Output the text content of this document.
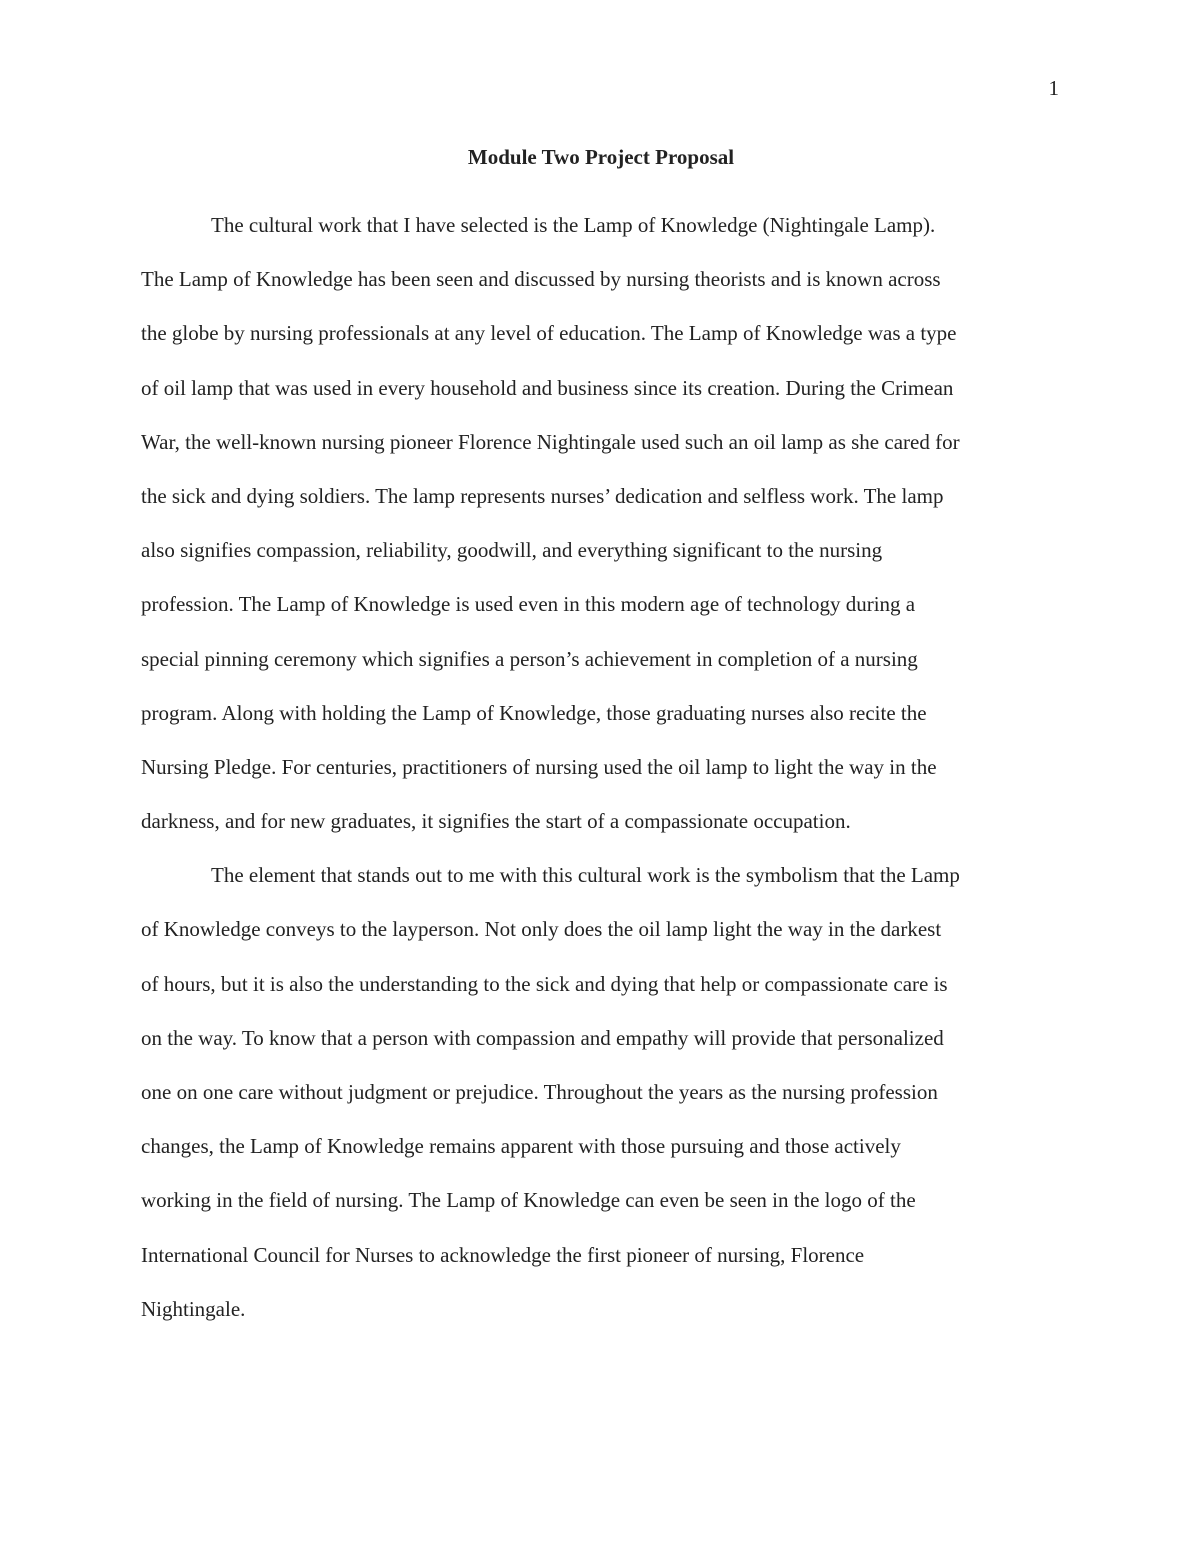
1
Module Two Project Proposal

The cultural work that I have selected is the Lamp of Knowledge (Nightingale Lamp).
The Lamp of Knowledge has been seen and discussed by nursing theorists and is known across
the globe by nursing professionals at any level of education. The Lamp of Knowledge was a type
of oil lamp that was used in every household and business since its creation. During the Crimean
War, the well-known nursing pioneer Florence Nightingale used such an oil lamp as she cared for
the sick and dying soldiers. The lamp represents nurses’ dedication and selfless work. The lamp
also signifies compassion, reliability, goodwill, and everything significant to the nursing
profession. The Lamp of Knowledge is used even in this modern age of technology during a
special pinning ceremony which signifies a person’s achievement in completion of a nursing
program. Along with holding the Lamp of Knowledge, those graduating nurses also recite the
Nursing Pledge. For centuries, practitioners of nursing used the oil lamp to light the way in the
darkness, and for new graduates, it signifies the start of a compassionate occupation.

The element that stands out to me with this cultural work is the symbolism that the Lamp
of Knowledge conveys to the layperson. Not only does the oil lamp light the way in the darkest
of hours, but it is also the understanding to the sick and dying that help or compassionate care is
on the way. To know that a person with compassion and empathy will provide that personalized
one on one care without judgment or prejudice. Throughout the years as the nursing profession
changes, the Lamp of Knowledge remains apparent with those pursuing and those actively
working in the field of nursing. The Lamp of Knowledge can even be seen in the logo of the
International Council for Nurses to acknowledge the first pioneer of nursing, Florence
Nightingale.
